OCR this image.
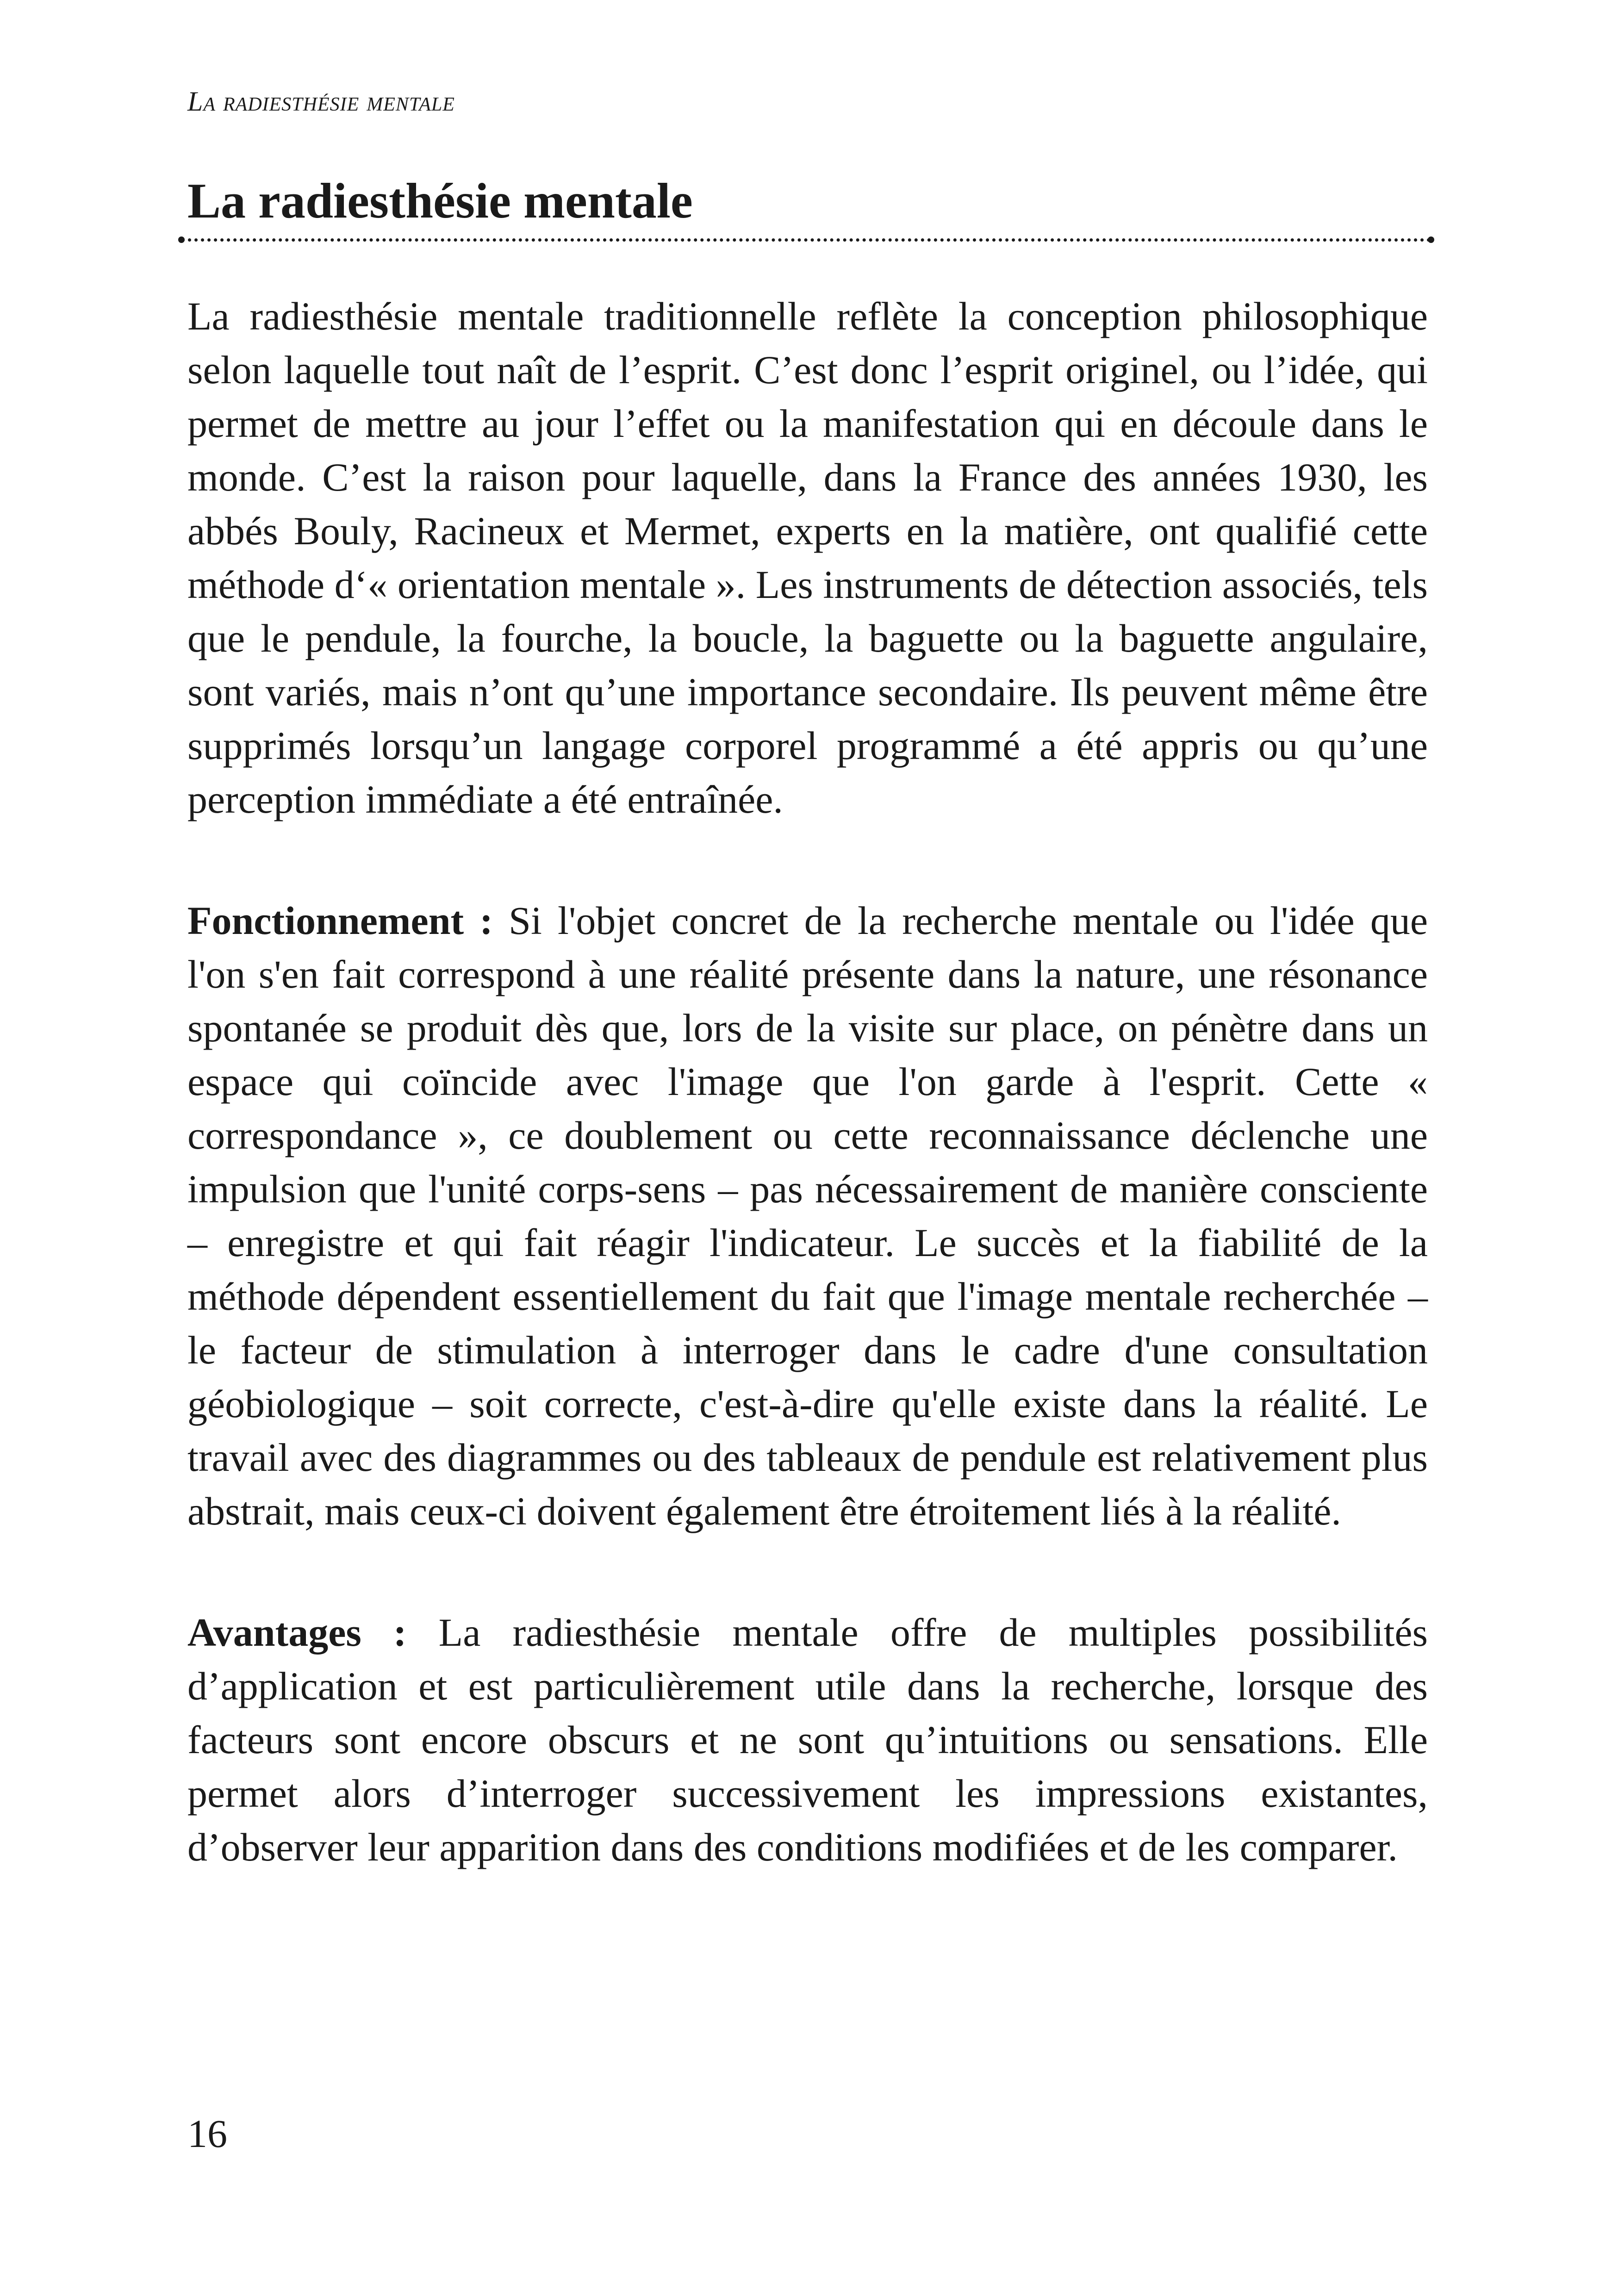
La radiesthésie mentale
La radiesthésie mentale

La radiesthésie mentale traditionnelle reflète la conception philosophique selon laquelle tout naît de l’esprit. C’est donc l’esprit originel, ou l’idée, qui permet de mettre au jour l’effet ou la manifestation qui en découle dans le monde. C’est la raison pour laquelle, dans la France des années 1930, les abbés Bouly, Racineux et Mermet, experts en la matière, ont qualifié cette méthode d‘« orientation mentale ». Les instruments de détection associés, tels que le pendule, la fourche, la boucle, la baguette ou la baguette angulaire, sont variés, mais n’ont qu’une importance secondaire. Ils peuvent même être supprimés lorsqu’un langage corporel programmé a été appris ou qu’une perception immédiate a été entraînée.

Fonctionnement : Si l'objet concret de la recherche mentale ou l'idée que l'on s'en fait correspond à une réalité présente dans la nature, une résonance spontanée se produit dès que, lors de la visite sur place, on pénètre dans un espace qui coïncide avec l'image que l'on garde à l'esprit. Cette « correspondance », ce doublement ou cette reconnaissance déclenche une impulsion que l'unité corps-sens – pas nécessairement de manière consciente – enregistre et qui fait réagir l'indicateur. Le succès et la fiabilité de la méthode dépendent essentiellement du fait que l'image mentale recherchée – le facteur de stimulation à interroger dans le cadre d'une consultation géobiologique – soit correcte, c'est-à-dire qu'elle existe dans la réalité. Le travail avec des diagrammes ou des tableaux de pendule est relativement plus abstrait, mais ceux-ci doivent également être étroitement liés à la réalité.

Avantages : La radiesthésie mentale offre de multiples possibilités d’application et est particulièrement utile dans la recherche, lorsque des facteurs sont encore obscurs et ne sont qu’intuitions ou sensations. Elle permet alors d’interroger successivement les impressions existantes, d’observer leur apparition dans des conditions modifiées et de les comparer.

16
